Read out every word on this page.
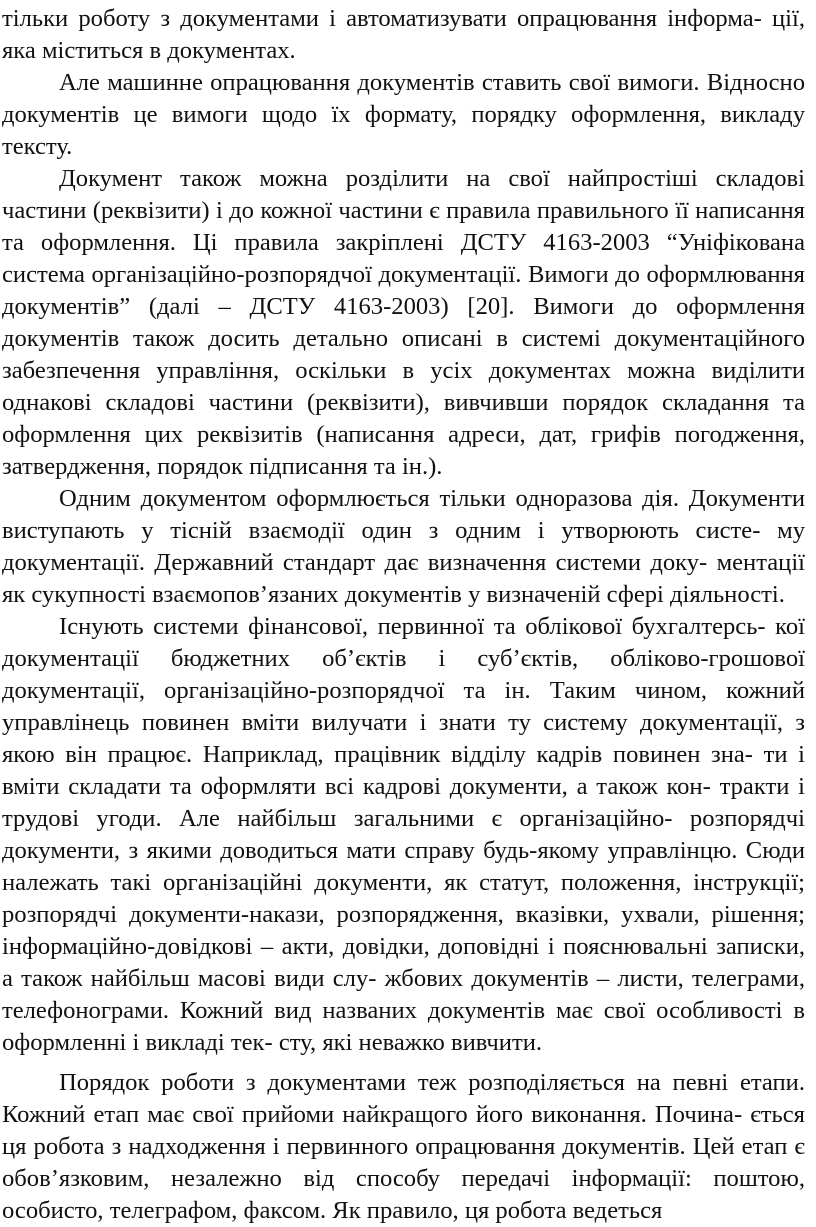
тільки роботу з документами і автоматизувати опрацювання інформа- ції, яка міститься в документах.

Але машинне опрацювання документів ставить свої вимоги. Відносно документів це вимоги щодо їх формату, порядку оформлення, викладу тексту.

Документ також можна розділити на свої найпростіші складові частини (реквізити) і до кожної частини є правила правильного її написання та оформлення. Ці правила закріплені ДСТУ 4163-2003 “Уніфікована система організаційно-розпорядчої документації. Вимоги до оформлювання документів” (далі – ДСТУ 4163-2003) [20]. Вимоги до оформлення документів також досить детально описані в системі документаційного забезпечення управління, оскільки в усіх документах можна виділити однакові складові частини (реквізити), вивчивши порядок складання та оформлення цих реквізитів (написання адреси, дат, грифів погодження, затвердження, порядок підписання та ін.).

Одним документом оформлюється тільки одноразова дія. Документи виступають у тісній взаємодії один з одним і утворюють систе- му документації. Державний стандарт дає визначення системи доку- ментації як сукупності взаємопов’язаних документів у визначеній сфері діяльності.

Існують системи фінансової, первинної та облікової бухгалтерсь- кої документації бюджетних об’єктів і суб’єктів, обліково-грошової документації, організаційно-розпорядчої та ін. Таким чином, кожний управлінець повинен вміти вилучати і знати ту систему документації, з якою він працює. Наприклад, працівник відділу кадрів повинен зна- ти і вміти складати та оформляти всі кадрові документи, а також кон- тракти і трудові угоди. Але найбільш загальними є організаційно- розпорядчі документи, з якими доводиться мати справу будь-якому управлінцю. Сюди належать такі організаційні документи, як статут, положення, інструкції; розпорядчі документи-накази, розпорядження, вказівки, ухвали, рішення; інформаційно-довідкові – акти, довідки, доповідні і пояснювальні записки, а також найбільш масові види слу- жбових документів – листи, телеграми, телефонограми. Кожний вид названих документів має свої особливості в оформленні і викладі тек- сту, які неважко вивчити.

Порядок роботи з документами теж розподіляється на певні етапи. Кожний етап має свої прийоми найкращого його виконання. Почина- ється ця робота з надходження і первинного опрацювання документів. Цей етап є обов’язковим, незалежно від способу передачі інформації: поштою, особисто, телеграфом, факсом. Як правило, ця робота ведеться
